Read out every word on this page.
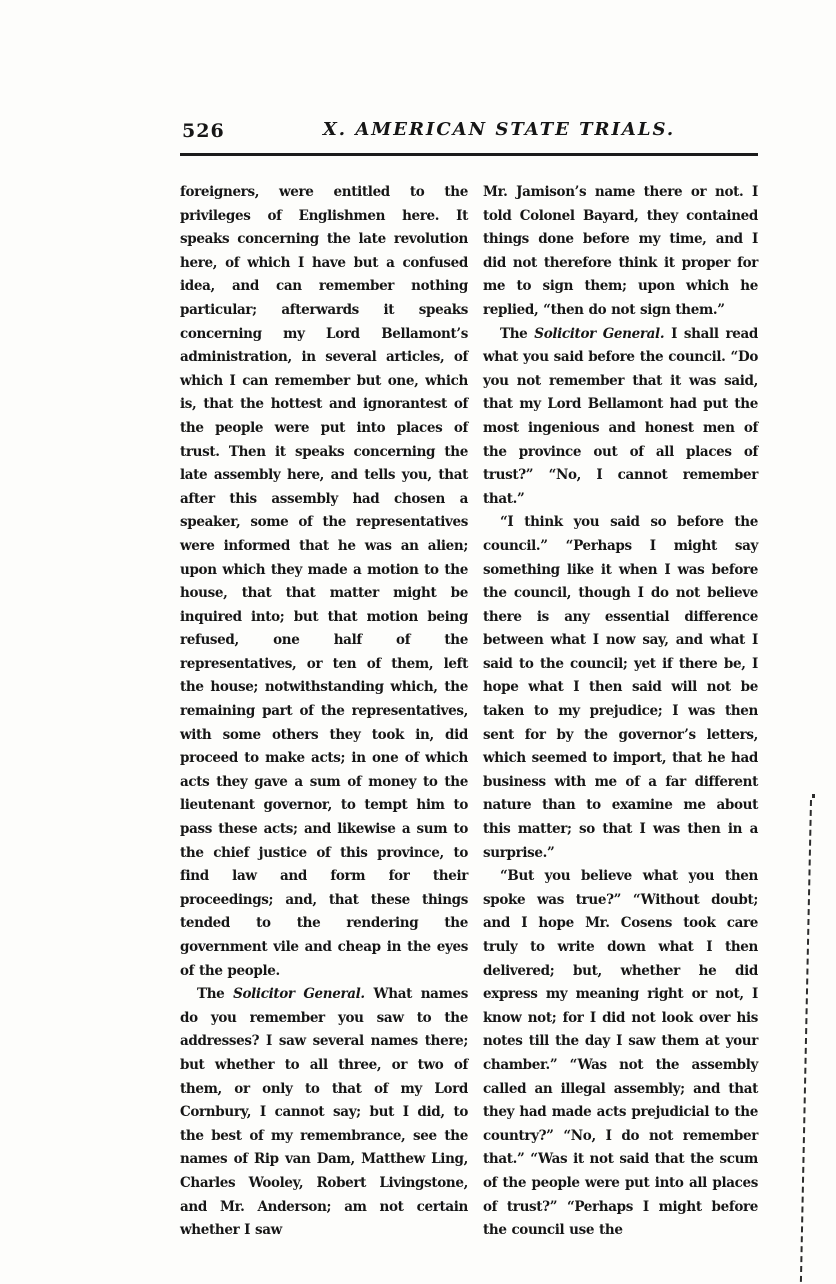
526	X. AMERICAN STATE TRIALS.

foreigners, were entitled to the privileges of Englishmen here. It speaks concerning the late revolution here, of which I have but a confused idea, and can remember nothing particular; afterwards it speaks concerning my Lord Bellamont’s administration, in several articles, of which I can remember but one, which is, that the hottest and ignorantest of the people were put into places of trust. Then it speaks concerning the late assembly here, and tells you, that after this assembly had chosen a speaker, some of the representatives were informed that he was an alien; upon which they made a motion to the house, that that matter might be inquired into; but that motion being refused, one half of the representatives, or ten of them, left the house; notwithstanding which, the remaining part of the representatives, with some others they took in, did proceed to make acts; in one of which acts they gave a sum of money to the lieutenant governor, to tempt him to pass these acts; and likewise a sum to the chief justice of this province, to find law and form for their proceedings; and, that these things tended to the rendering the government vile and cheap in the eyes of the people.

The Solicitor General. What names do you remember you saw to the addresses? I saw several names there; but whether to all three, or two of them, or only to that of my Lord Cornbury, I cannot say; but I did, to the best of my remembrance, see the names of Rip van Dam, Matthew Ling, Charles Wooley, Robert Livingstone, and Mr. Anderson; am not certain whether I saw

Mr. Jamison’s name there or not. I told Colonel Bayard, they contained things done before my time, and I did not therefore think it proper for me to sign them; upon which he replied, “then do not sign them.”

The Solicitor General. I shall read what you said before the council. “Do you not remember that it was said, that my Lord Bellamont had put the most ingenious and honest men of the province out of all places of trust?” “No, I cannot remember that.”

“I think you said so before the council.” “Perhaps I might say something like it when I was before the council, though I do not believe there is any essential difference between what I now say, and what I said to the council; yet if there be, I hope what I then said will not be taken to my prejudice; I was then sent for by the governor’s letters, which seemed to import, that he had business with me of a far different nature than to examine me about this matter; so that I was then in a surprise.”

“But you believe what you then spoke was true?” “Without doubt; and I hope Mr. Cosens took care truly to write down what I then delivered; but, whether he did express my meaning right or not, I know not; for I did not look over his notes till the day I saw them at your chamber.” “Was not the assembly called an illegal assembly; and that they had made acts prejudicial to the country?” “No, I do not remember that.” “Was it not said that the scum of the people were put into all places of trust?” “Perhaps I might before the council use the
